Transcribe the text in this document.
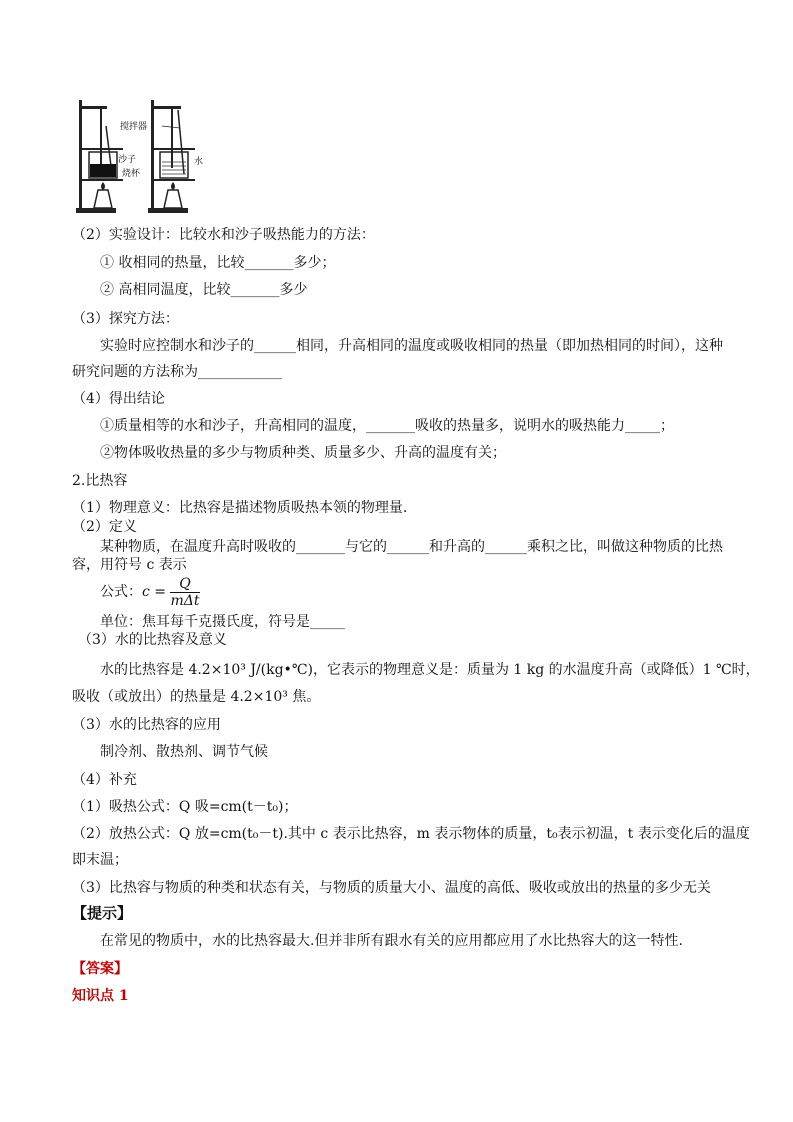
搅拌器
沙子
烧杯
水
（2）实验设计：比较水和沙子吸热能力的方法：
① 收相同的热量，比较_______多少；
② 高相同温度，比较_______多少
（3）探究方法：
实验时应控制水和沙子的______相同，升高相同的温度或吸收相同的热量（即加热相同的时间），这种
研究问题的方法称为____________
（4）得出结论
①质量相等的水和沙子，升高相同的温度，_______吸收的热量多，说明水的吸热能力_____；
②物体吸收热量的多少与物质种类、质量多少、升高的温度有关；
2.比热容
（1）物理意义：比热容是描述物质吸热本领的物理量.
（2）定义
某种物质，在温度升高时吸收的_______与它的______和升高的______乘积之比，叫做这种物质的比热
容，用符号 c 表示
公式：$c = \frac{Q}{\text{mΔt}}$
单位：焦耳每千克摄氏度，符号是_____
（3）水的比热容及意义
水的比热容是 4.2×10³ J/(kg•℃)，它表示的物理意义是：质量为 1 kg 的水温度升高（或降低）1 ℃时，
吸收（或放出）的热量是 4.2×10³ 焦。
（3）水的比热容的应用
制冷剂、散热剂、调节气候
（4）补充
（1）吸热公式：Q 吸=cm(t－t₀)；
（2）放热公式：Q 放=cm(t₀－t).其中 c 表示比热容，m 表示物体的质量，t₀表示初温，t 表示变化后的温度
即末温；
（3）比热容与物质的种类和状态有关，与物质的质量大小、温度的高低、吸收或放出的热量的多少无关
【提示】
在常见的物质中，水的比热容最大.但并非所有跟水有关的应用都应用了水比热容大的这一特性.
【答案】
知识点 1
